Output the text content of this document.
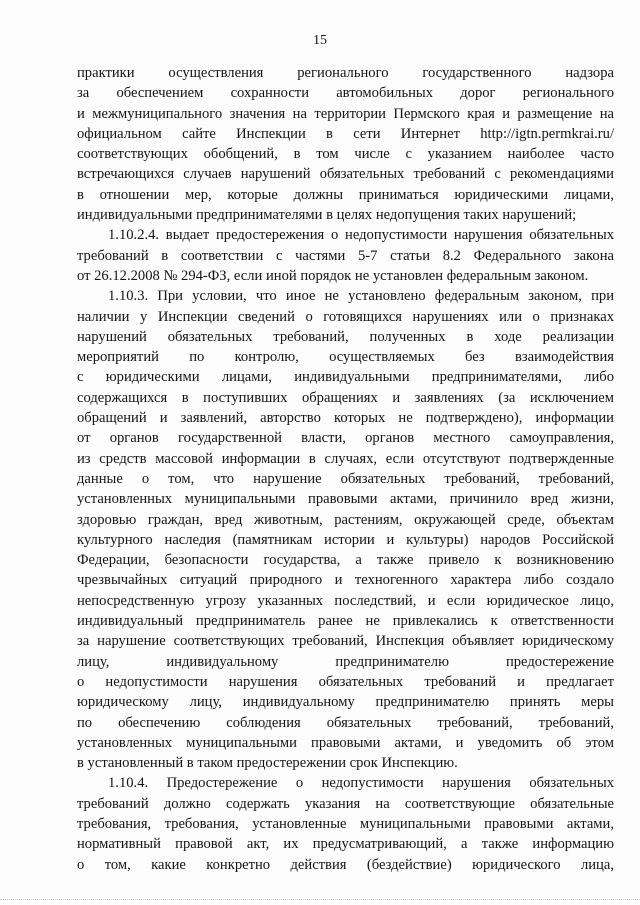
15
практики осуществления регионального государственного надзора
за обеспечением сохранности автомобильных дорог регионального
и межмуниципального значения на территории Пермского края и размещение на
официальном сайте Инспекции в сети Интернет http://igtn.permkrai.ru/
соответствующих обобщений, в том числе с указанием наиболее часто
встречающихся случаев нарушений обязательных требований с рекомендациями
в отношении мер, которые должны приниматься юридическими лицами,
индивидуальными предпринимателями в целях недопущения таких нарушений;
1.10.2.4. выдает предостережения о недопустимости нарушения обязательных
требований в соответствии с частями 5-7 статьи 8.2 Федерального закона
от 26.12.2008 № 294-ФЗ, если иной порядок не установлен федеральным законом.
1.10.3. При условии, что иное не установлено федеральным законом, при
наличии у Инспекции сведений о готовящихся нарушениях или о признаках
нарушений обязательных требований, полученных в ходе реализации
мероприятий по контролю, осуществляемых без взаимодействия
с юридическими лицами, индивидуальными предпринимателями, либо
содержащихся в поступивших обращениях и заявлениях (за исключением
обращений и заявлений, авторство которых не подтверждено), информации
от органов государственной власти, органов местного самоуправления,
из средств массовой информации в случаях, если отсутствуют подтвержденные
данные о том, что нарушение обязательных требований, требований,
установленных муниципальными правовыми актами, причинило вред жизни,
здоровью граждан, вред животным, растениям, окружающей среде, объектам
культурного наследия (памятникам истории и культуры) народов Российской
Федерации, безопасности государства, а также привело к возникновению
чрезвычайных ситуаций природного и техногенного характера либо создало
непосредственную угрозу указанных последствий, и если юридическое лицо,
индивидуальный предприниматель ранее не привлекались к ответственности
за нарушение соответствующих требований, Инспекция объявляет юридическому
лицу, индивидуальному предпринимателю предостережение
о недопустимости нарушения обязательных требований и предлагает
юридическому лицу, индивидуальному предпринимателю принять меры
по обеспечению соблюдения обязательных требований, требований,
установленных муниципальными правовыми актами, и уведомить об этом
в установленный в таком предостережении срок Инспекцию.
1.10.4. Предостережение о недопустимости нарушения обязательных
требований должно содержать указания на соответствующие обязательные
требования, требования, установленные муниципальными правовыми актами,
нормативный правовой акт, их предусматривающий, а также информацию
о том, какие конкретно действия (бездействие) юридического лица,
